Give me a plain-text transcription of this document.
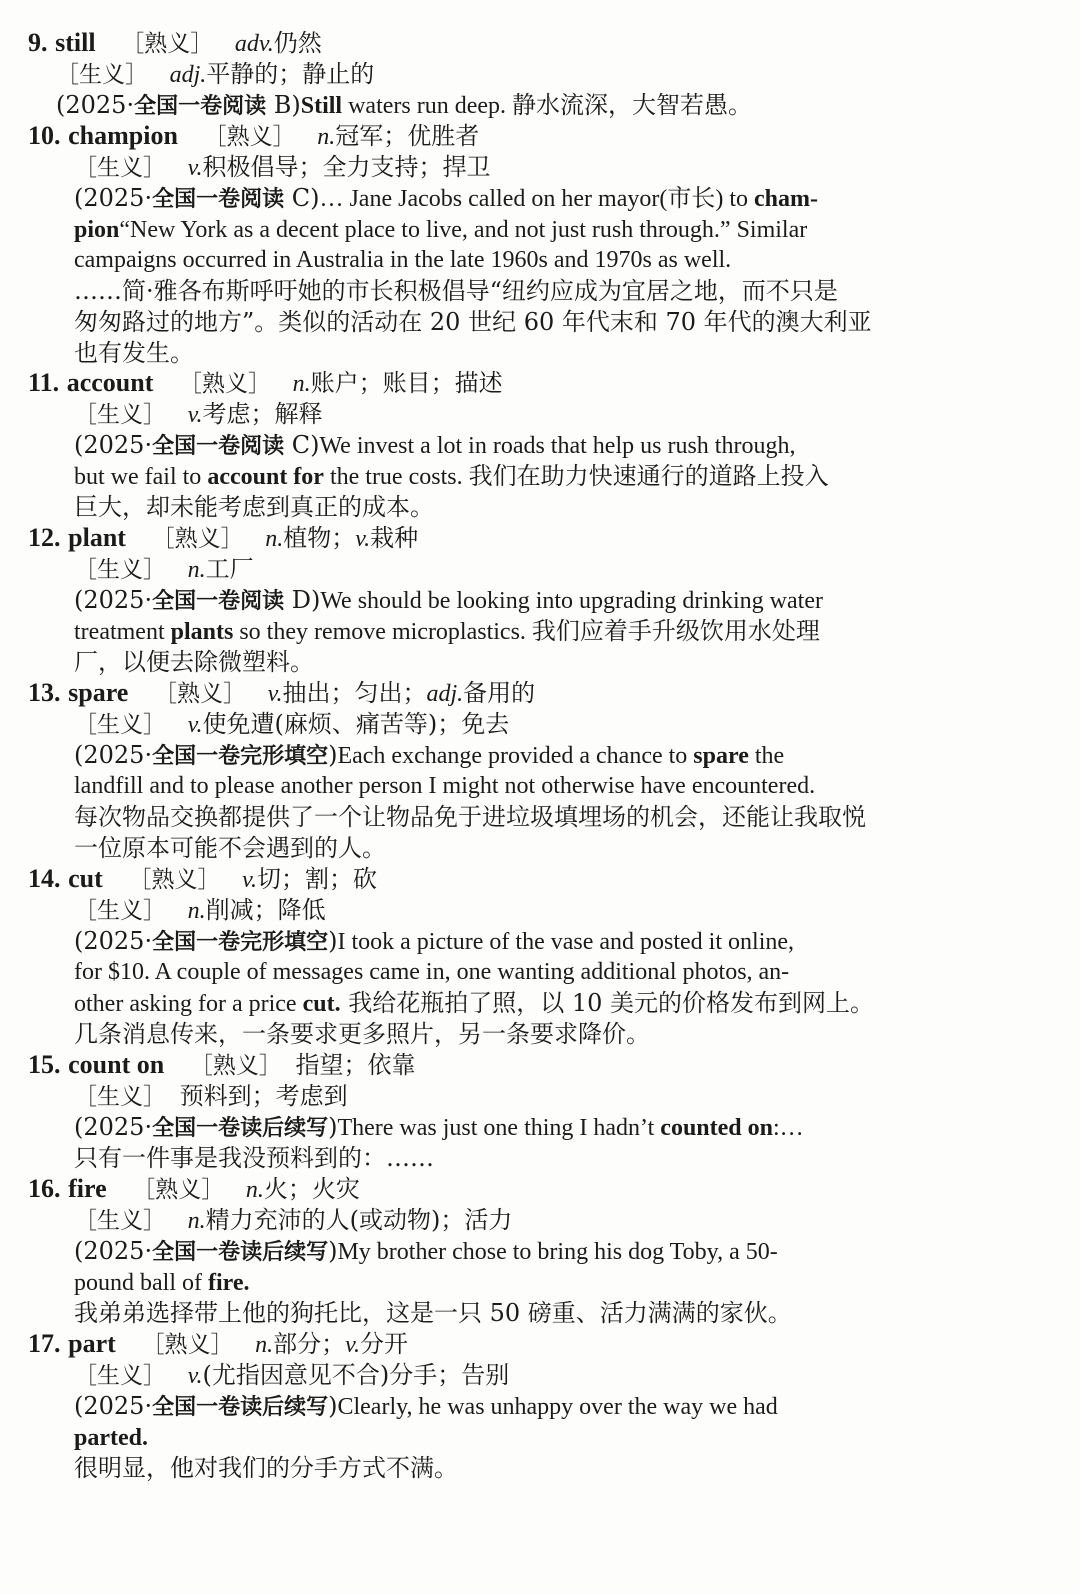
9. still ［熟义］ adv.仍然
［生义］ adj.平静的；静止的
(2025·全国一卷阅读 B)Still waters run deep. 静水流深，大智若愚。
10. champion ［熟义］ n.冠军；优胜者
［生义］ v.积极倡导；全力支持；捍卫
(2025·全国一卷阅读 C)… Jane Jacobs called on her mayor(市长) to cham-
pion“New York as a decent place to live, and not just rush through.” Similar
campaigns occurred in Australia in the late 1960s and 1970s as well.
……简·雅各布斯呼吁她的市长积极倡导“纽约应成为宜居之地，而不只是
匆匆路过的地方”。类似的活动在 20 世纪 60 年代末和 70 年代的澳大利亚
也有发生。
11. account ［熟义］ n.账户；账目；描述
［生义］ v.考虑；解释
(2025·全国一卷阅读 C)We invest a lot in roads that help us rush through,
but we fail to account for the true costs. 我们在助力快速通行的道路上投入
巨大，却未能考虑到真正的成本。
12. plant ［熟义］ n.植物；v.栽种
［生义］ n.工厂
(2025·全国一卷阅读 D)We should be looking into upgrading drinking water
treatment plants so they remove microplastics. 我们应着手升级饮用水处理
厂，以便去除微塑料。
13. spare ［熟义］ v.抽出；匀出；adj.备用的
［生义］ v.使免遭(麻烦、痛苦等)；免去
(2025·全国一卷完形填空)Each exchange provided a chance to spare the
landfill and to please another person I might not otherwise have encountered.
每次物品交换都提供了一个让物品免于进垃圾填埋场的机会，还能让我取悦
一位原本可能不会遇到的人。
14. cut ［熟义］ v.切；割；砍
［生义］ n.削减；降低
(2025·全国一卷完形填空)I took a picture of the vase and posted it online,
for $10. A couple of messages came in, one wanting additional photos, an-
other asking for a price cut. 我给花瓶拍了照，以 10 美元的价格发布到网上。
几条消息传来，一条要求更多照片，另一条要求降价。
15. count on ［熟义］ 指望；依靠
［生义］ 预料到；考虑到
(2025·全国一卷读后续写)There was just one thing I hadn’t counted on:…
只有一件事是我没预料到的：……
16. fire ［熟义］ n.火；火灾
［生义］ n.精力充沛的人(或动物)；活力
(2025·全国一卷读后续写)My brother chose to bring his dog Toby, a 50-
pound ball of fire.
我弟弟选择带上他的狗托比，这是一只 50 磅重、活力满满的家伙。
17. part ［熟义］ n.部分；v.分开
［生义］ v.(尤指因意见不合)分手；告别
(2025·全国一卷读后续写)Clearly, he was unhappy over the way we had
parted.
很明显，他对我们的分手方式不满。
